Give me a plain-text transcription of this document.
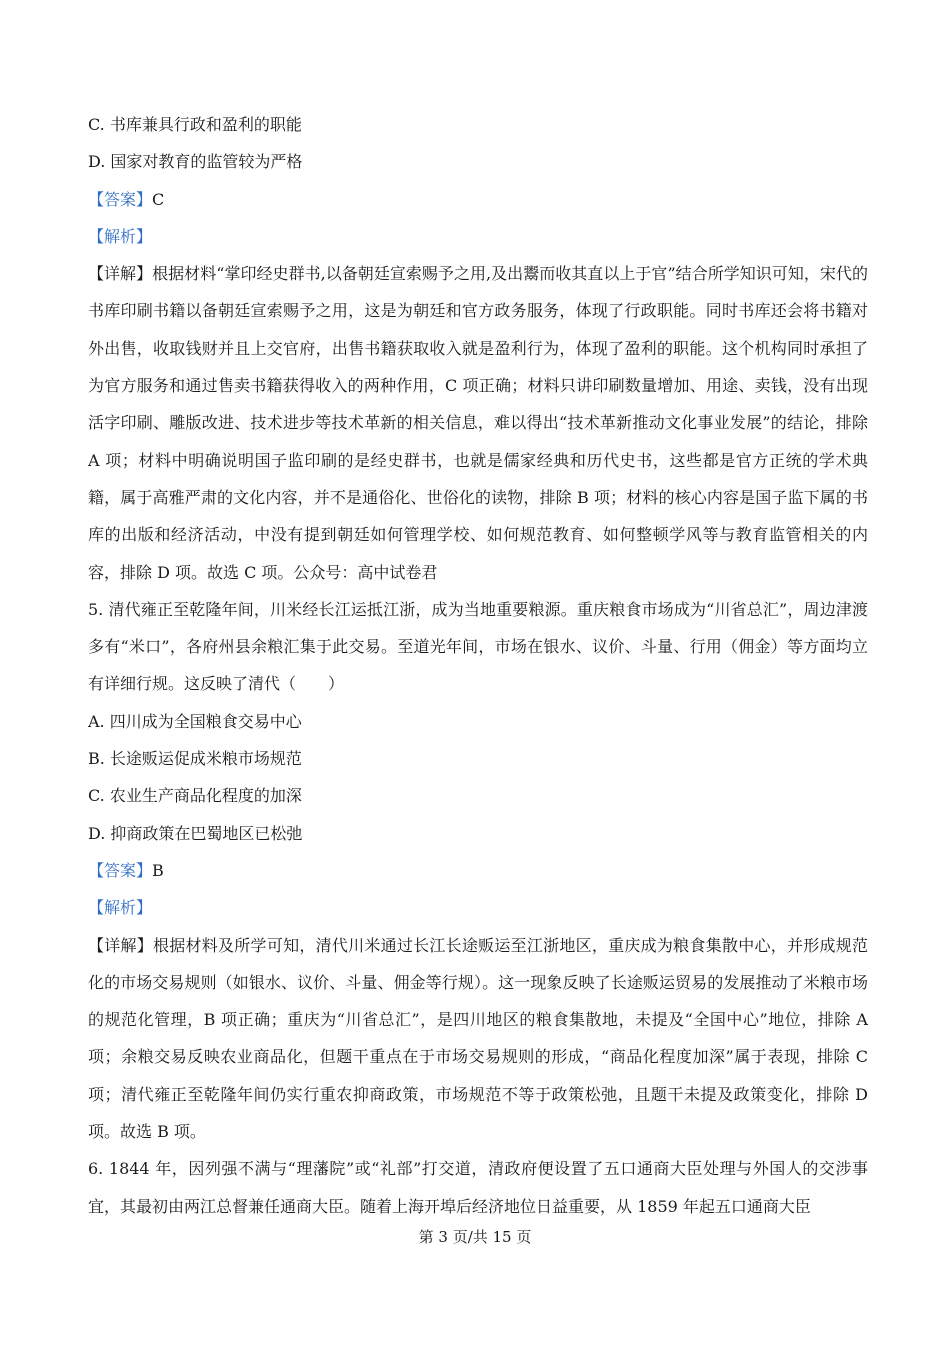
C. 书库兼具行政和盈利的职能
D. 国家对教育的监管较为严格
【答案】C
【解析】
【详解】根据材料“掌印经史群书,以备朝廷宣索赐予之用,及出鬻而收其直以上于官”结合所学知识可知，宋代的书库印刷书籍以备朝廷宣索赐予之用，这是为朝廷和官方政务服务，体现了行政职能。同时书库还会将书籍对外出售，收取钱财并且上交官府，出售书籍获取收入就是盈利行为，体现了盈利的职能。这个机构同时承担了为官方服务和通过售卖书籍获得收入的两种作用，C 项正确；材料只讲印刷数量增加、用途、卖钱，没有出现活字印刷、雕版改进、技术进步等技术革新的相关信息，难以得出“技术革新推动文化事业发展”的结论，排除 A 项；材料中明确说明国子监印刷的是经史群书，也就是儒家经典和历代史书，这些都是官方正统的学术典籍，属于高雅严肃的文化内容，并不是通俗化、世俗化的读物，排除 B 项；材料的核心内容是国子监下属的书库的出版和经济活动，中没有提到朝廷如何管理学校、如何规范教育、如何整顿学风等与教育监管相关的内容，排除 D 项。故选 C 项。公众号：高中试卷君
5. 清代雍正至乾隆年间，川米经长江运抵江浙，成为当地重要粮源。重庆粮食市场成为“川省总汇”，周边津渡多有“米口”，各府州县余粮汇集于此交易。至道光年间，市场在银水、议价、斗量、行用（佣金）等方面均立有详细行规。这反映了清代（　　）
A. 四川成为全国粮食交易中心
B. 长途贩运促成米粮市场规范
C. 农业生产商品化程度的加深
D. 抑商政策在巴蜀地区已松弛
【答案】B
【解析】
【详解】根据材料及所学可知，清代川米通过长江长途贩运至江浙地区，重庆成为粮食集散中心，并形成规范化的市场交易规则（如银水、议价、斗量、佣金等行规）。这一现象反映了长途贩运贸易的发展推动了米粮市场的规范化管理，B 项正确；重庆为“川省总汇”，是四川地区的粮食集散地，未提及“全国中心”地位，排除 A 项；余粮交易反映农业商品化，但题干重点在于市场交易规则的形成，“商品化程度加深”属于表现，排除 C 项；清代雍正至乾隆年间仍实行重农抑商政策，市场规范不等于政策松弛，且题干未提及政策变化，排除 D 项。故选 B 项。
6. 1844 年，因列强不满与“理藩院”或“礼部”打交道，清政府便设置了五口通商大臣处理与外国人的交涉事宜，其最初由两江总督兼任通商大臣。随着上海开埠后经济地位日益重要，从 1859 年起五口通商大臣
第 3 页/共 15 页
